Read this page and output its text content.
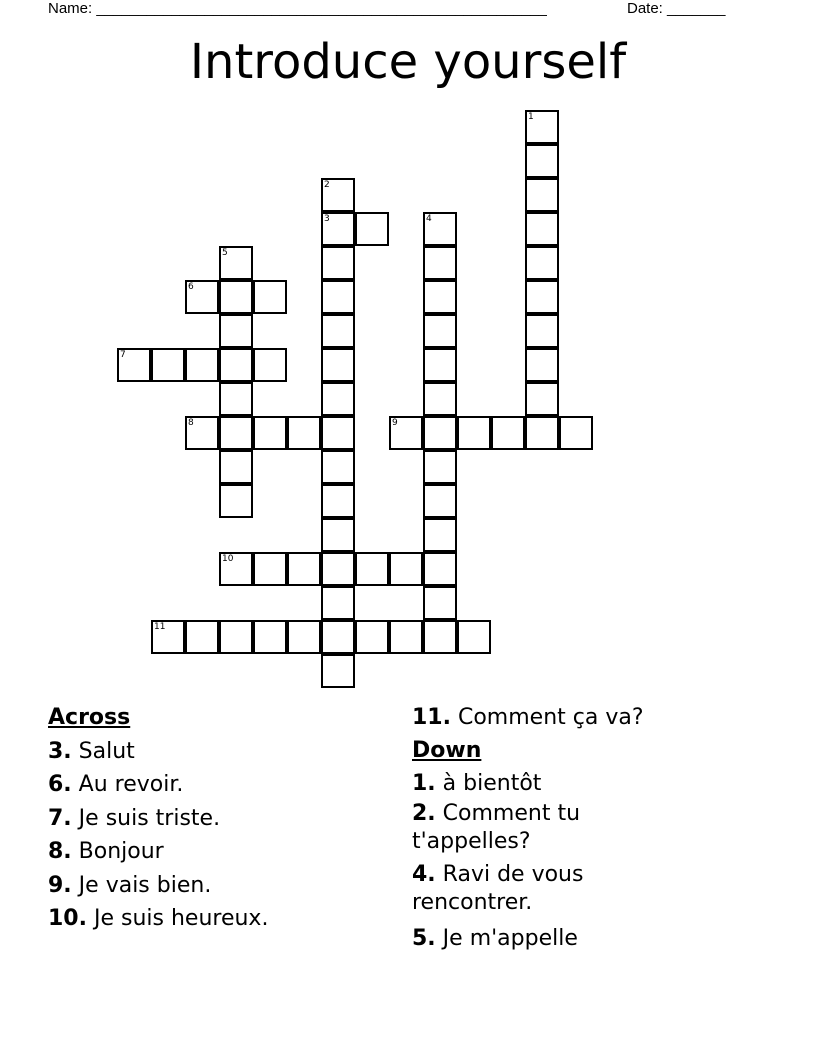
Name: ______________________________________________________	Date: _______
Introduce yourself
1
2
3	4
5
6
7
8	9
10
11
Across
3. Salut
6. Au revoir.
7. Je suis triste.
8. Bonjour
9. Je vais bien.
10. Je suis heureux.
11. Comment ça va?
Down
1. à bientôt
2. Comment tu t'appelles?
4. Ravi de vous rencontrer.
5. Je m'appelle
